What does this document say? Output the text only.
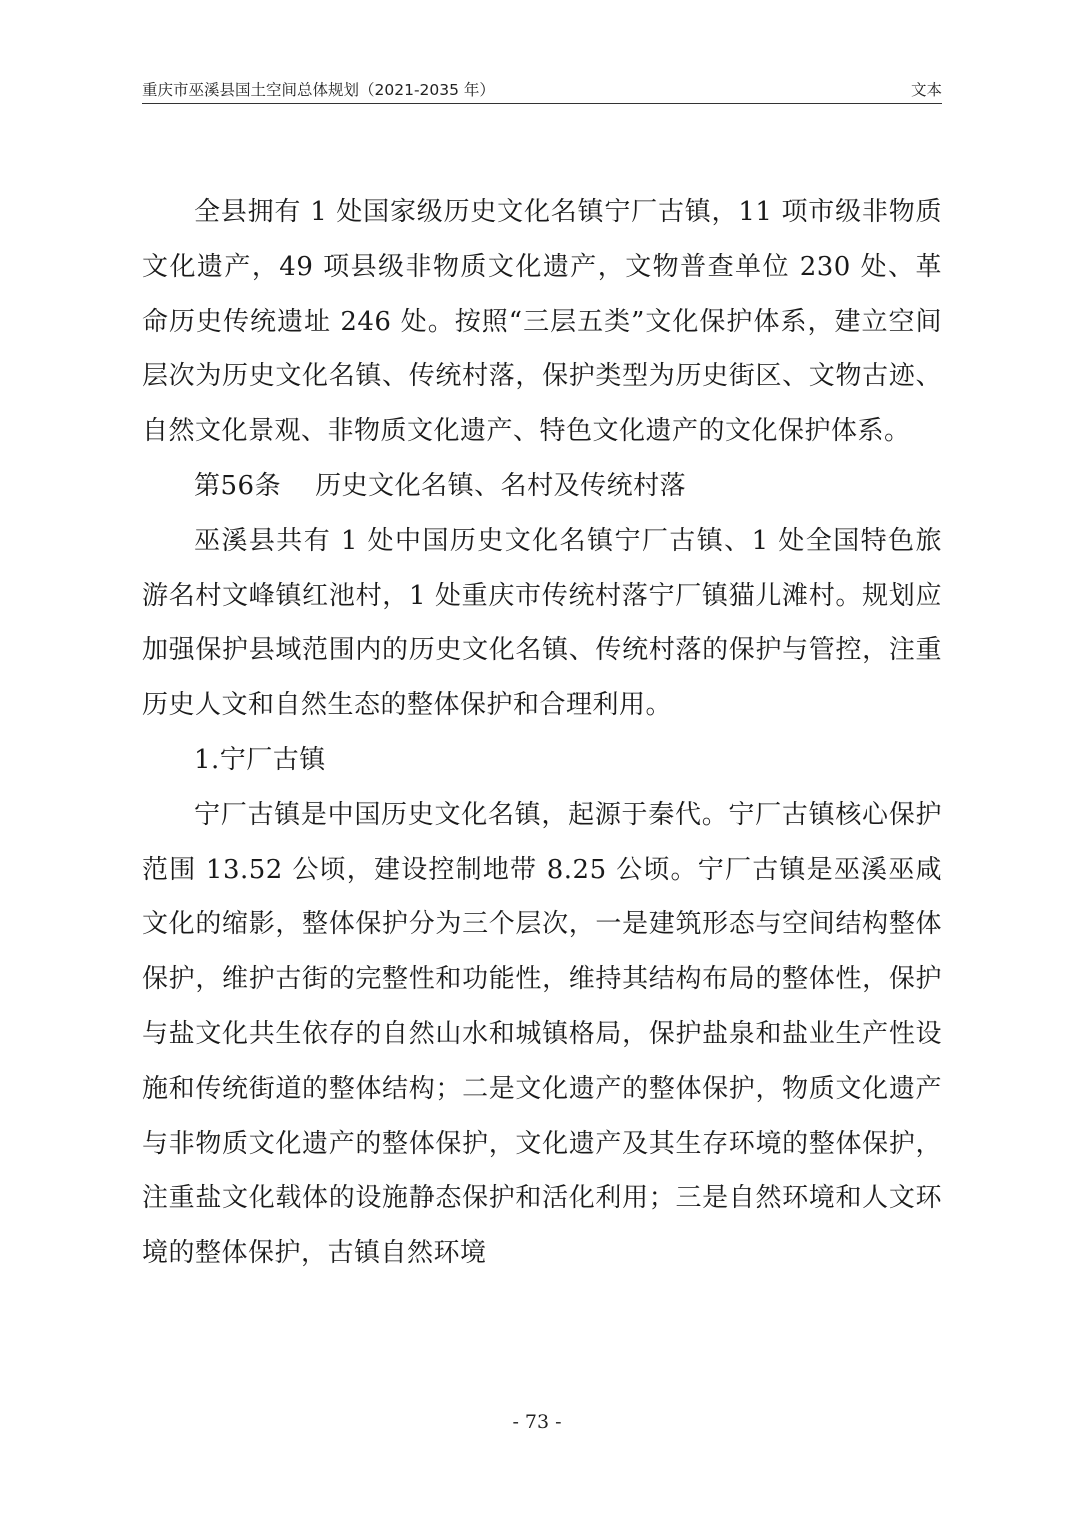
重庆市巫溪县国土空间总体规划（2021-2035 年）	文本

全县拥有 1 处国家级历史文化名镇宁厂古镇，11 项市级非物质文化遗产，49 项县级非物质文化遗产，文物普查单位 230 处、革命历史传统遗址 246 处。按照“三层五类”文化保护体系，建立空间层次为历史文化名镇、传统村落，保护类型为历史街区、文物古迹、自然文化景观、非物质文化遗产、特色文化遗产的文化保护体系。

第56条 历史文化名镇、名村及传统村落

巫溪县共有 1 处中国历史文化名镇宁厂古镇、1 处全国特色旅游名村文峰镇红池村，1 处重庆市传统村落宁厂镇猫儿滩村。规划应加强保护县域范围内的历史文化名镇、传统村落的保护与管控，注重历史人文和自然生态的整体保护和合理利用。

1.宁厂古镇

宁厂古镇是中国历史文化名镇，起源于秦代。宁厂古镇核心保护范围 13.52 公顷，建设控制地带 8.25 公顷。宁厂古镇是巫溪巫咸文化的缩影，整体保护分为三个层次，一是建筑形态与空间结构整体保护，维护古街的完整性和功能性，维持其结构布局的整体性，保护与盐文化共生依存的自然山水和城镇格局，保护盐泉和盐业生产性设施和传统街道的整体结构；二是文化遗产的整体保护，物质文化遗产与非物质文化遗产的整体保护，文化遗产及其生存环境的整体保护，注重盐文化载体的设施静态保护和活化利用；三是自然环境和人文环境的整体保护，古镇自然环境

- 73 -
